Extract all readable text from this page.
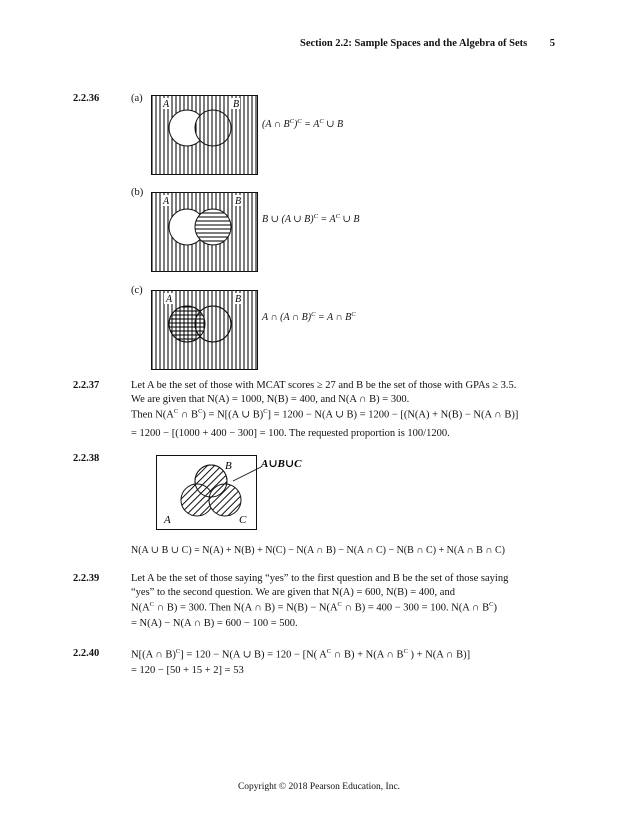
Section 2.2: Sample Spaces and the Algebra of Sets 5
2.2.36	(a)
A	B
(A ∩ $B^C)^C = A^C$ ∪ B
(b)
A	B
B ∪ (A ∪ $B)^C = A^C$ ∪ B
(c)
A	B
A ∩ (A ∩ B)$^C$ = A ∩ $B^C$
2.2.37	Let A be the set of those with MCAT scores ≥ 27 and B be the set of those with GPAs ≥ 3.5.
We are given that N(A) = 1000, N(B) = 400, and N(A ∩ B) = 300.
Then $N(A^C$ ∩ $B^C) = N[(A$ ∪ B)$^C$] = 1200 − N(A ∪ B) = 1200 − [(N(A) + N(B) − N(A ∩ B)]
= 1200 − [(1000 + 400 − 300] = 100. The requested proportion is 100/1200.
2.2.38
B
A	C
A∪B∪C
N(A ∪ B ∪ C) = N(A) + N(B) + N(C) − N(A ∩ B) − N(A ∩ C) − N(B ∩ C) + N(A ∩ B ∩ C)
2.2.39	Let A be the set of those saying “yes” to the first question and B be the set of those saying
“yes” to the second question. We are given that N(A) = 600, N(B) = 400, and
$N(A^C$ ∩ B) = 300. Then N(A ∩ $B) = N(B) - N(A^C$ ∩ B) = 400 − 300 = 100. N(A ∩ $B^C$)
= N(A) − N(A ∩ B) = 600 − 100 = 500.
2.2.40	N[(A ∩ B)$^C$] = 120 − N(A ∪ B) = 120 − [N( $A^C$ ∩ B) + N(A ∩ $B^C$ ) + N(A ∩ B)]
= 120 − [50 + 15 + 2] = 53
Copyright © 2018 Pearson Education, Inc.
